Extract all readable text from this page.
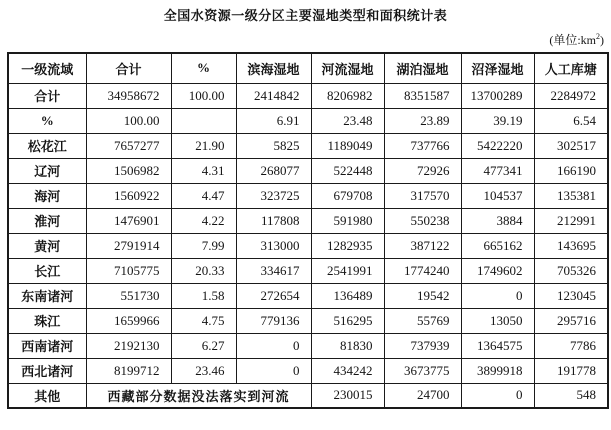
全国水资源一级分区主要湿地类型和面积统计表
(单位$:km^2$)
一级流域	合计	%	滨海湿地	河流湿地	湖泊湿地	沼泽湿地	人工库塘
合计	34958672	100.00	2414842	8206982	8351587	13700289	2284972
%	100.00		6.91	23.48	23.89	39.19	6.54
松花江	7657277	21.90	5825	1189049	737766	5422220	302517
辽河	1506982	4.31	268077	522448	72926	477341	166190
海河	1560922	4.47	323725	679708	317570	104537	135381
淮河	1476901	4.22	117808	591980	550238	3884	212991
黄河	2791914	7.99	313000	1282935	387122	665162	143695
长江	7105775	20.33	334617	2541991	1774240	1749602	705326
东南诸河	551730	1.58	272654	136489	19542	0	123045
珠江	1659966	4.75	779136	516295	55769	13050	295716
西南诸河	2192130	6.27	0	81830	737939	1364575	7786
西北诸河	8199712	23.46	0	434242	3673775	3899918	191778
其他	西藏部分数据没法落实到河流			230015	24700	0	548
